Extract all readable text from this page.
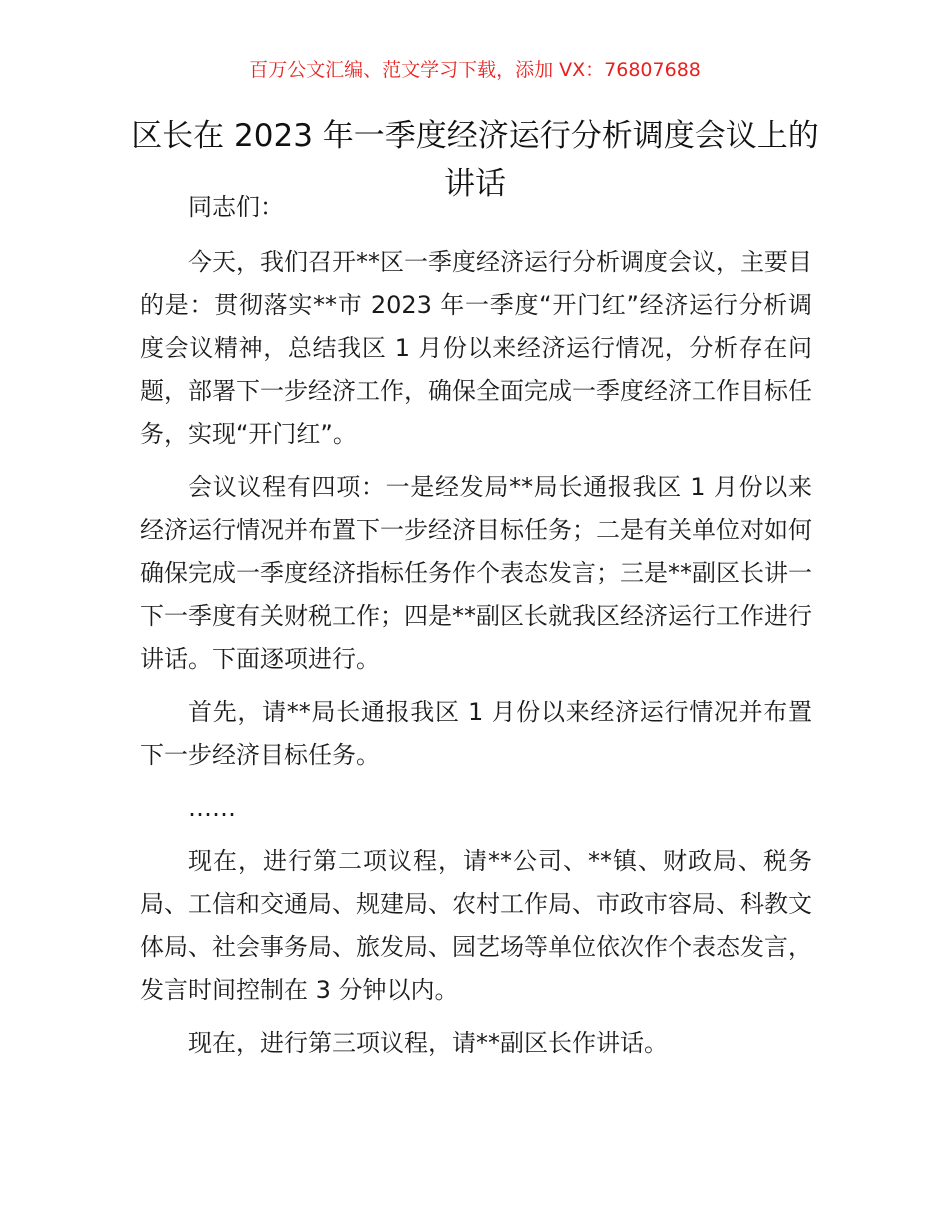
百万公文汇编、范文学习下载，添加 VX：76807688
区长在 2023 年一季度经济运行分析调度会议上的讲话

同志们：

今天，我们召开**区一季度经济运行分析调度会议，主要目的是：贯彻落实**市 2023 年一季度“开门红”经济运行分析调度会议精神，总结我区 1 月份以来经济运行情况，分析存在问题，部署下一步经济工作，确保全面完成一季度经济工作目标任务，实现“开门红”。

会议议程有四项：一是经发局**局长通报我区 1 月份以来经济运行情况并布置下一步经济目标任务；二是有关单位对如何确保完成一季度经济指标任务作个表态发言；三是**副区长讲一下一季度有关财税工作；四是**副区长就我区经济运行工作进行讲话。下面逐项进行。

首先，请**局长通报我区 1 月份以来经济运行情况并布置下一步经济目标任务。

……

现在，进行第二项议程，请**公司、**镇、财政局、税务局、工信和交通局、规建局、农村工作局、市政市容局、科教文体局、社会事务局、旅发局、园艺场等单位依次作个表态发言，发言时间控制在 3 分钟以内。

现在，进行第三项议程，请**副区长作讲话。
